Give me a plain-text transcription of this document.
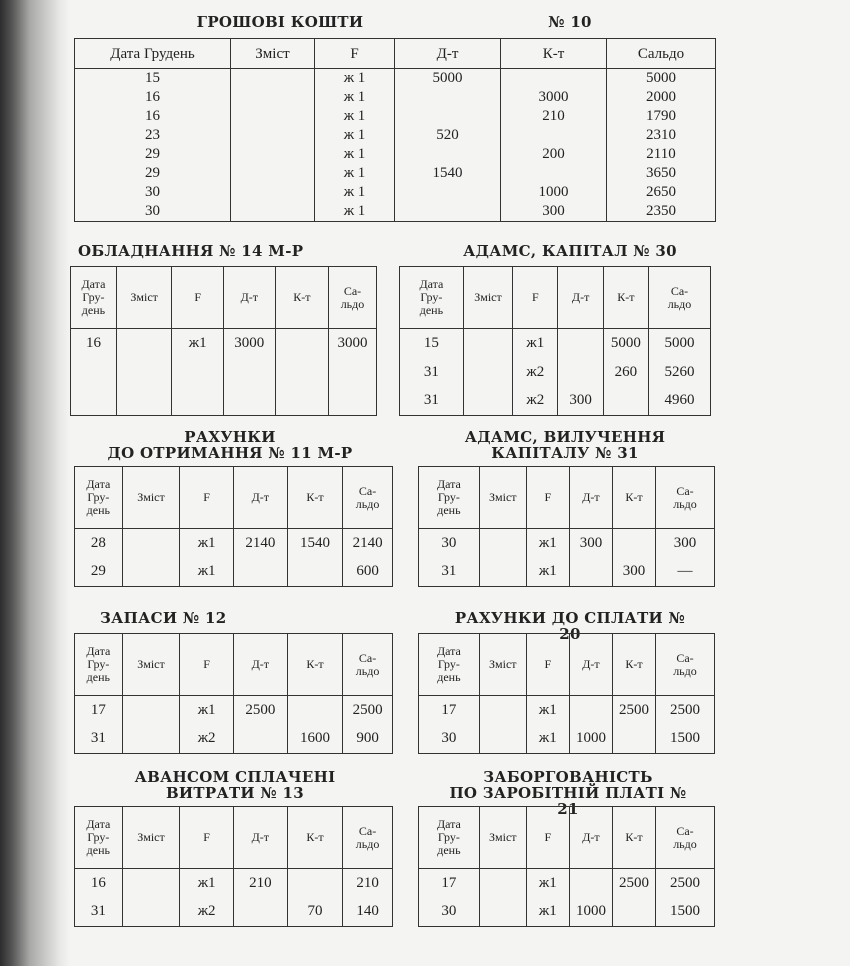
ГРОШОВІ КОШТИ	№ 10
Дата Грудень	Зміст	F	Д-т	К-т	Сальдо
15		ж 1	5000		5000
16		ж 1		3000	2000
16		ж 1		210	1790
23		ж 1	520		2310
29		ж 1		200	2110
29		ж 1	1540		3650
30		ж 1		1000	2650
30		ж 1		300	2350
ОБЛАДНАННЯ № 14 М-Р
Дата
Гру-
день	Зміст	F	Д-т	К-т	Са-
льдо
16		ж1	3000		3000

АДАМС, КАПІТАЛ № 30
Дата
Гру-
день	Зміст	F	Д-т	К-т	Са-
льдо
15		ж1		5000	5000
31		ж2		260	5260
31		ж2	300		4960
РАХУНКИ
ДО ОТРИМАННЯ № 11 М-Р
Дата
Гру-
день	Зміст	F	Д-т	К-т	Са-
льдо
28		ж1	2140	1540	2140
29		ж1			600
АДАМС, ВИЛУЧЕННЯ
КАПІТАЛУ № 31
Дата
Гру-
день	Зміст	F	Д-т	К-т	Са-
льдо
30		ж1	300		300
31		ж1		300	—
ЗАПАСИ № 12
Дата
Гру-
день	Зміст	F	Д-т	К-т	Са-
льдо
17		ж1	2500		2500
31		ж2		1600	900
РАХУНКИ ДО СПЛАТИ № 20
Дата
Гру-
день	Зміст	F	Д-т	К-т	Са-
льдо
17		ж1		2500	2500
30		ж1	1000		1500
АВАНСОМ СПЛАЧЕНІ
ВИТРАТИ № 13
Дата
Гру-
день	Зміст	F	Д-т	К-т	Са-
льдо
16		ж1	210		210
31		ж2		70	140
ЗАБОРГОВАНІСТЬ
ПО ЗАРОБІТНІЙ ПЛАТІ № 21
Дата
Гру-
день	Зміст	F	Д-т	К-т	Са-
льдо
17		ж1		2500	2500
30		ж1	1000		1500
